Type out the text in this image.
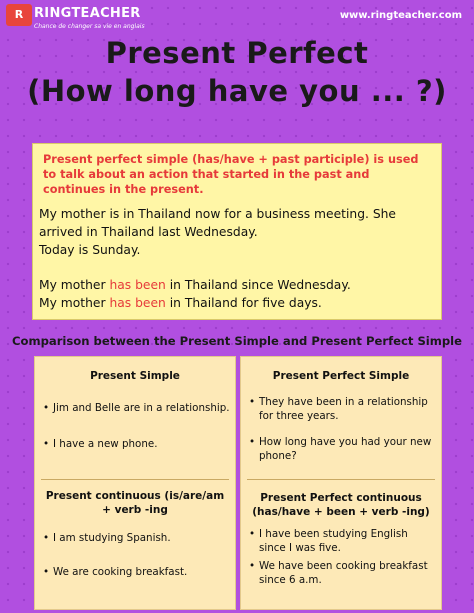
R RINGTEACHER
Chance de changer sa vie en anglais
www.ringteacher.com
Present Perfect
(How long have you ... ?)
Present perfect simple (has/have + past participle) is used to talk about an action that started in the past and continues in the present.
My mother is in Thailand now for a business meeting. She
arrived in Thailand last Wednesday.
Today is Sunday.
My mother has been in Thailand since Wednesday.
My mother has been in Thailand for five days.
Comparison between the Present Simple and Present Perfect Simple
Present Simple
• Jim and Belle are in a relationship.
• I have a new phone.
Present continuous (is/are/am + verb -ing
• I am studying Spanish.
• We are cooking breakfast.
Present Perfect Simple
• They have been in a relationship for three years.
• How long have you had your new phone?
Present Perfect continuous (has/have + been + verb -ing)
• I have been studying English since I was five.
• We have been cooking breakfast since 6 a.m.
